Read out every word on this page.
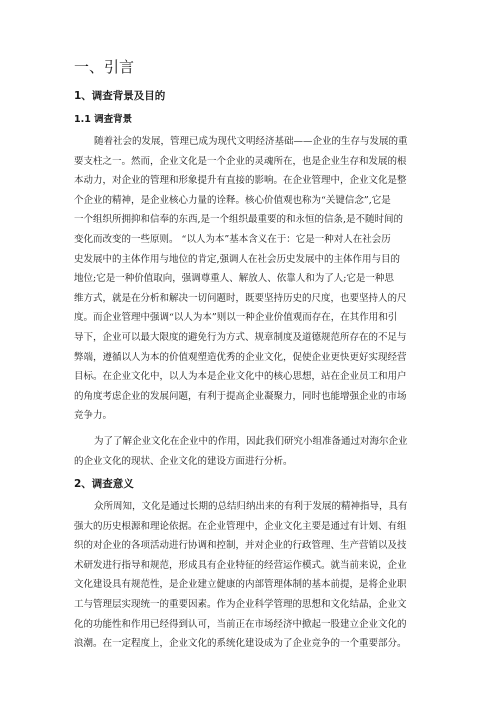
一、引言
1、调查背景及目的
1.1 调查背景
随着社会的发展，管理已成为现代文明经济基础——企业的生存与发展的重
要支柱之一。然而，企业文化是一个企业的灵魂所在，也是企业生存和发展的根
本动力，对企业的管理和形象提升有直接的影响。在企业管理中，企业文化是整
个企业的精神，是企业核心力量的诠释。核心价值观也称为“关键信念”,它是
一个组织所拥抑和信奉的东西,是一个组织最重要的和永恒的信条,是不随时间的
变化而改变的一些原则。 “以人为本”基本含义在于：它是一种对人在社会历
史发展中的主体作用与地位的肯定,强调人在社会历史发展中的主体作用与目的
地位;它是一种价值取向，强调尊重人、解放人、依靠人和为了人;它是一种思
维方式，就是在分析和解决一切问题时，既要坚持历史的尺度，也要坚持人的尺
度。而企业管理中强调“以人为本”则以一种企业价值观而存在，在其作用和引
导下，企业可以最大限度的避免行为方式、规章制度及道德规范所存在的不足与
弊端，遵循以人为本的价值观塑造优秀的企业文化，促使企业更快更好实现经营
目标。在企业文化中，以人为本是企业文化中的核心思想，站在企业员工和用户
的角度考虑企业的发展问题，有利于提高企业凝聚力，同时也能增强企业的市场
竞争力。
为了了解企业文化在企业中的作用，因此我们研究小组准备通过对海尔企业
的企业文化的现状、企业文化的建设方面进行分析。
2、调查意义
众所周知，文化是通过长期的总结归纳出来的有利于发展的精神指导，具有
强大的历史根源和理论依据。在企业管理中，企业文化主要是通过有计划、有组
织的对企业的各项活动进行协调和控制，并对企业的行政管理、生产营销以及技
术研发进行指导和规范，形成具有企业特征的经营运作模式。就当前来说，企业
文化建设具有规范性，是企业建立健康的内部管理体制的基本前提，是将企业职
工与管理层实现统一的重要因素。作为企业科学管理的思想和文化结晶，企业文
化的功能性和作用已经得到认可，当前正在市场经济中掀起一股建立企业文化的
浪潮。在一定程度上，企业文化的系统化建设成为了企业竞争的一个重要部分。
